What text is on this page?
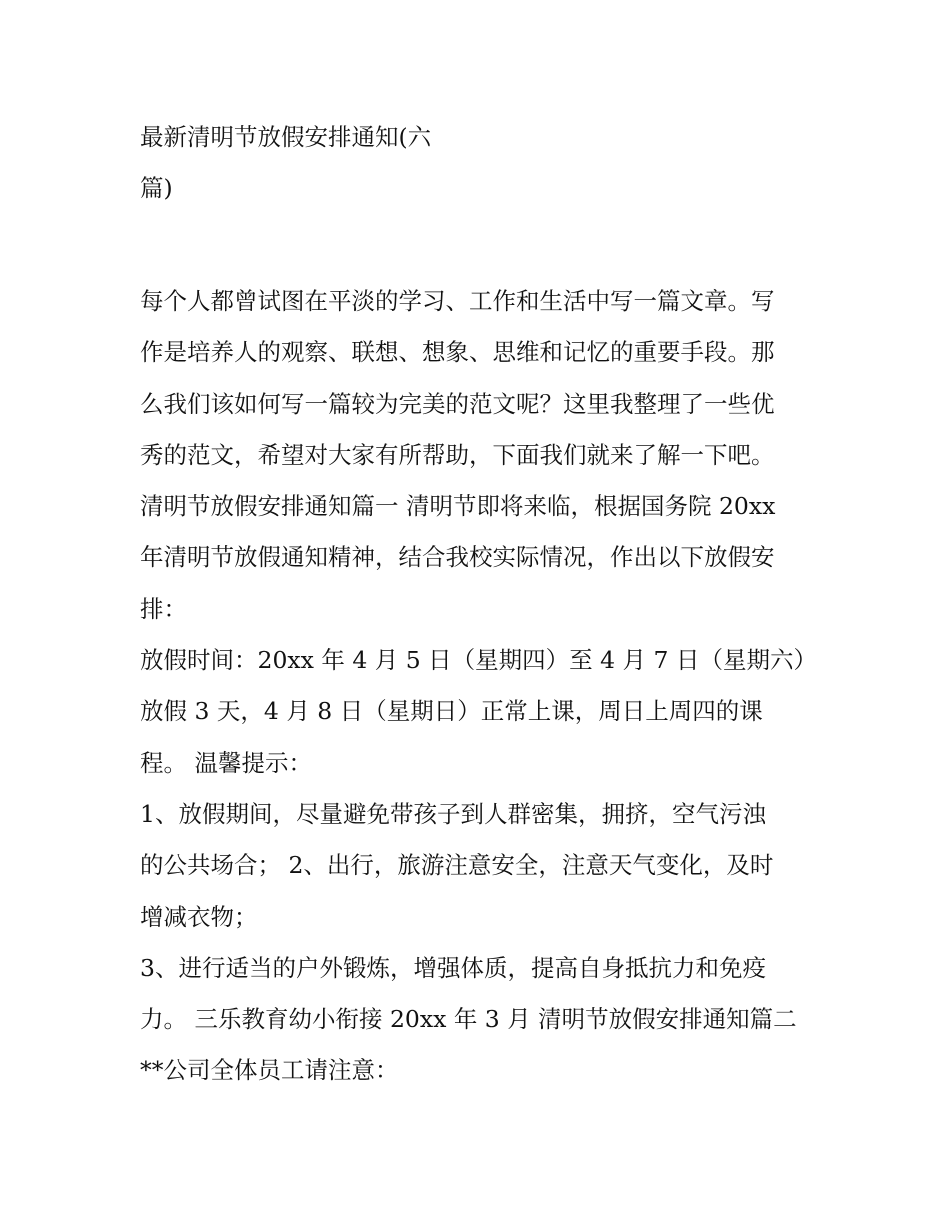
最新清明节放假安排通知(六
篇)
每个人都曾试图在平淡的学习、工作和生活中写一篇文章。写
作是培养人的观察、联想、想象、思维和记忆的重要手段。那
么我们该如何写一篇较为完美的范文呢？这里我整理了一些优
秀的范文，希望对大家有所帮助，下面我们就来了解一下吧。
清明节放假安排通知篇一 清明节即将来临，根据国务院 20xx
年清明节放假通知精神，结合我校实际情况，作出以下放假安
排：
放假时间：20xx 年 4 月 5 日（星期四）至 4 月 7 日（星期六）
放假 3 天，4 月 8 日（星期日）正常上课，周日上周四的课
程。 温馨提示：
1、放假期间，尽量避免带孩子到人群密集，拥挤，空气污浊
的公共场合； 2、出行，旅游注意安全，注意天气变化，及时
增减衣物；
3、进行适当的户外锻炼，增强体质，提高自身抵抗力和免疫
力。 三乐教育幼小衔接 20xx 年 3 月 清明节放假安排通知篇二
**公司全体员工请注意：
